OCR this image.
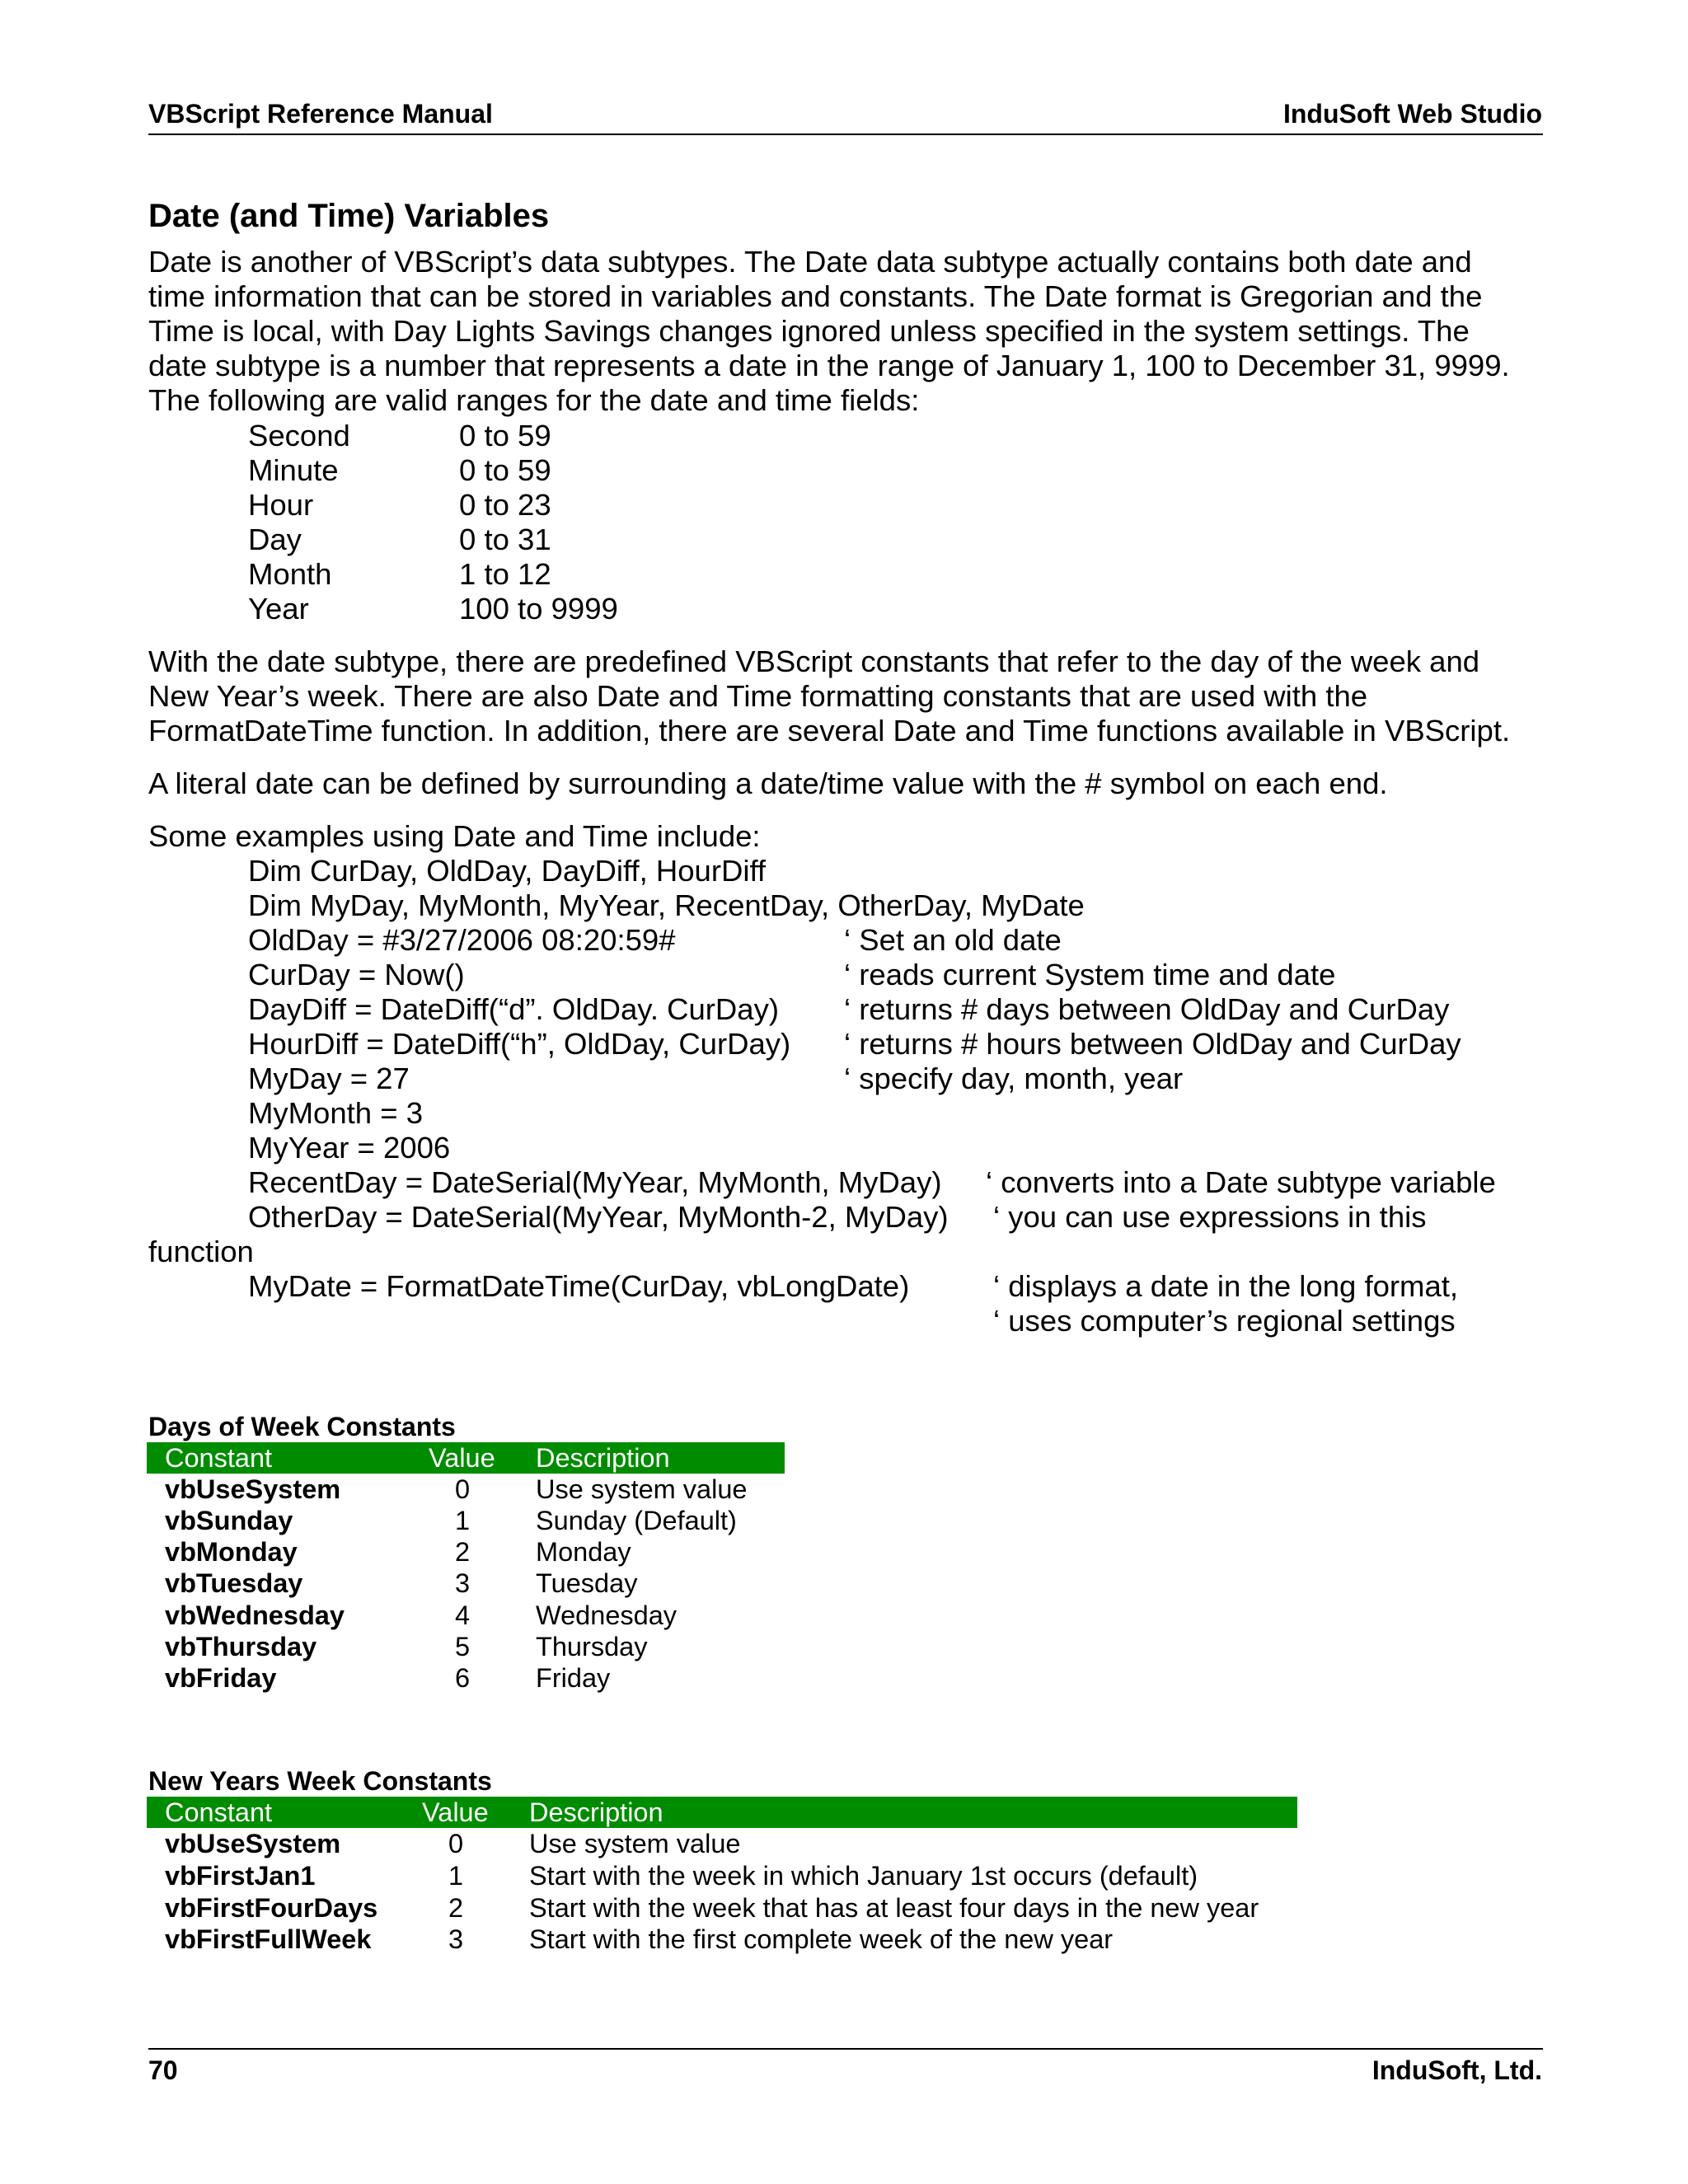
VBScript Reference Manual	InduSoft Web Studio
Date (and Time) Variables
Date is another of VBScript’s data subtypes. The Date data subtype actually contains both date and
time information that can be stored in variables and constants. The Date format is Gregorian and the
Time is local, with Day Lights Savings changes ignored unless specified in the system settings. The
date subtype is a number that represents a date in the range of January 1, 100 to December 31, 9999.
The following are valid ranges for the date and time fields:
Second	0 to 59
Minute	0 to 59
Hour	0 to 23
Day	0 to 31
Month	1 to 12
Year	100 to 9999
With the date subtype, there are predefined VBScript constants that refer to the day of the week and
New Year’s week. There are also Date and Time formatting constants that are used with the
FormatDateTime function. In addition, there are several Date and Time functions available in VBScript.
A literal date can be defined by surrounding a date/time value with the # symbol on each end.
Some examples using Date and Time include:
Dim CurDay, OldDay, DayDiff, HourDiff
Dim MyDay, MyMonth, MyYear, RecentDay, OtherDay, MyDate
OldDay = #3/27/2006 08:20:59#	‘ Set an old date
CurDay = Now()	‘ reads current System time and date
DayDiff = DateDiff(“d”. OldDay. CurDay) ‘ returns # days between OldDay and CurDay
HourDiff = DateDiff(“h”, OldDay, CurDay) ‘ returns # hours between OldDay and CurDay
MyDay = 27	‘ specify day, month, year
MyMonth = 3
MyYear = 2006
RecentDay = DateSerial(MyYear, MyMonth, MyDay) ‘ converts into a Date subtype variable
OtherDay = DateSerial(MyYear, MyMonth-2, MyDay) ‘ you can use expressions in this
function
MyDate = FormatDateTime(CurDay, vbLongDate)	‘ displays a date in the long format,
‘ uses computer’s regional settings
Days of Week Constants
Constant	Value Description
vbUseSystem	0	Use system value
vbSunday	1	Sunday (Default)
vbMonday	2	Monday
vbTuesday	3	Tuesday
vbWednesday	4	Wednesday
vbThursday	5	Thursday
vbFriday	6	Friday
New Years Week Constants
Constant	Value Description
vbUseSystem	0	Use system value
vbFirstJan1	1	Start with the week in which January 1st occurs (default)
vbFirstFourDays	2	Start with the week that has at least four days in the new year
vbFirstFullWeek	3	Start with the first complete week of the new year
70	InduSoft, Ltd.
